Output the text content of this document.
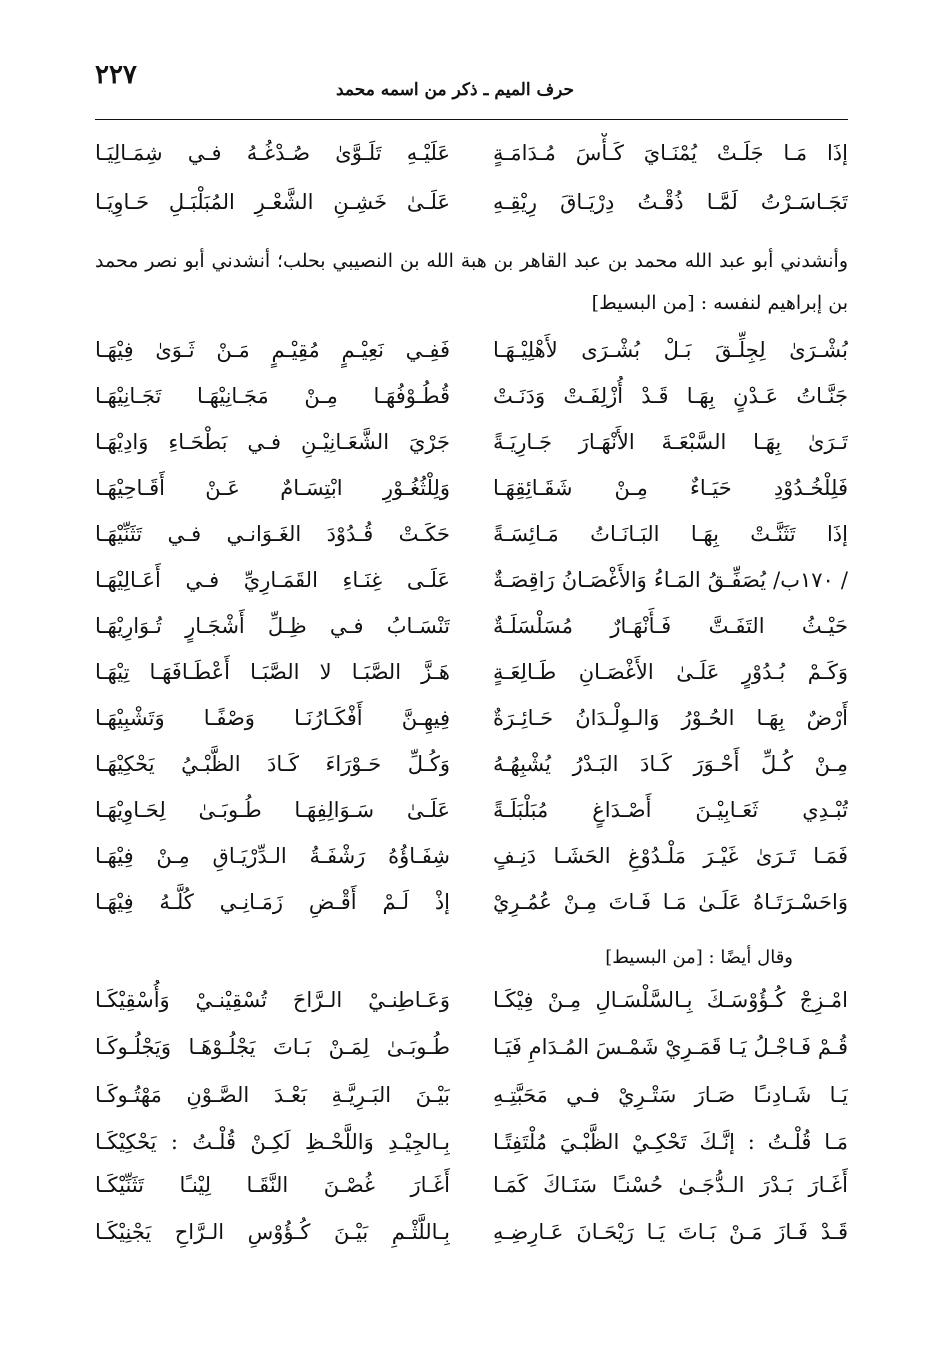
٢٢٧	حرف الميم ـ ذكر من اسمه محمد
إذَا مَـا جَلَـتْ يُمْنَـايَ كَـأْسَ مُـدَامَـةٍ
عَلَيْـهِ تَلَـوَّىٰ صُـدْغُـهُ فـي شِمَـالِيَـا
تَجَـاسَـرْتُ لَمَّـا ذُقْـتُ دِرْيَـاقَ رِيْقِـهِ
عَلَـىٰ خَشِـنِ الشَّعْـرِ المُبَلْبَـلِ حَـاوِيَـا
وأنشدني أبو عبد الله محمد بن عبد القاهر بن هبة الله بن النصيبي بحلب؛ أنشدني أبو نصر محمد بن إبراهيم لنفسه : [من البسيط]
بُشْـرَىٰ لِجِلِّـقَ بَـلْ بُشْـرَى لأَهْلِيْـهَـا
فَفِـي نَعِيْـمٍ مُقِيْـمٍ مَـنْ ثَـوَىٰ فِيْهَـا
جَنَّـاتُ عَـدْنٍ بِهَـا قَـدْ أُزْلِفَـتْ وَدَنَـتْ
قُطُـوْفُهَـا مِـنْ مَجَـانِيْهَـا تَجَـانِيْهَـا
تَـرَىٰ بِهَـا السَّبْعَـةَ الأَنْهَـارَ جَـارِيَـةً
جَرْيَ الشَّعَـانِيْـنِ فـي بَطْحَـاءِ وَادِيْهَـا
فَلِلْخُـدُوْدِ حَيَـاءٌ مِـنْ شَقَـائِقِهَـا
وَلِلْثُغُـوْرِ ابْتِسَـامٌ عَـنْ أَقَـاحِيْهَـا
إذَا تَثَنَّـتْ بِهَـا البَـانَـاتُ مَـائِسَـةً
حَكَـتْ قُـدُوْدَ الغَـوَانـي فـي تَثَنِّيْهَـا
/ ١٧٠ب/ يُصَفِّـقُ المَـاءُ وَالأَغْصَـانُ رَاقِصَـةٌ
عَلَـى غِنَـاءِ القَمَـارِيِّ فـي أَعَـالِيْهَـا
حَيْـثُ التَفَـتَّ فَـأَنْهَـارٌ مُسَلْسَلَـةٌ
تَنْسَـابُ فـي ظِـلِّ أَشْجَـارٍ تُـوَارِيْهَـا
وَكَـمْ بُـدُوْرٍ عَلَـىٰ الأَغْصَـانِ طَـالِعَـةٍ
هَـزَّ الصَّبَـا لا الصَّبَـا أَعْطَـافَهَـا تِيْهَـا
أَرْضٌ بِهَـا الحُـوْرُ وَالـوِلْـدَانُ حَـائِـرَةٌ
فِيهِـنَّ أَفْكَـارُنَـا وَصْفًـا وَتَشْبِيْهَـا
مِـنْ كُـلِّ أَحْـوَرَ كَـادَ البَـدْرُ يُشْبِهُـهُ
وَكُـلِّ حَـوْرَاءَ كَـادَ الظَّبْـيُ يَحْكِيْهَـا
تُبْـدِي ثَعَـابِيْـنَ أَصْـدَاغٍ مُبَلْبَلَـةً
عَلَـىٰ سَـوَالِفِهَـا طُـوبَـىٰ لِحَـاوِيْهَـا
فَمَـا تَـرَىٰ غَيْـرَ مَلْـدُوْغِ الحَشَـا دَنِـفٍ
شِفَـاؤُهُ رَشْفَـةُ الـدِّرْيَـاقِ مِـنْ فِيْهَـا
وَاحَسْـرَتَـاهُ عَلَـىٰ مَـا فَـاتَ مِـنْ عُمُـرِيْ
إذْ لَـمْ أَقْـضِ زَمَـانِـي كُلَّـهُ فِيْهَـا
وقال أيضًا : [من البسيط]
امْـزِجْ كُـؤُوْسَـكَ بِـالسَّلْسَـالِ مِـنْ فِيْكَـا
وَعَـاطِنـيْ الـرَّاحَ تُسْقِيْنـيْ وَأُسْقِيْكَـا
قُـمْ فَـاجْـلُ يَـا قَمَـرِيْ شَمْـسَ المُـدَامِ فَيَـا
طُـوبَـىٰ لِمَـنْ بَـاتَ يَجْلُـوْهَـا وَيَجْلُـوكَـا
يَـا شَـادِنـًا صَـارَ سَتْـرِيْ فـي مَحَبَّتِـهِ
بَيْـنَ البَـرِيَّـةِ بَعْـدَ الصَّـوْنِ مَهْتُـوكَـا
مَـا قُلْـتُ : إنَّـكَ تَحْكِـيْ الظَّبْـيَ مُلْتَفِتًـا
بِـالجِيْـدِ وَاللَّحْـظِ لَكِـنْ قُلْـتُ : يَحْكِيْكَـا
أَغَـارَ بَـدْرَ الـدُّجَـىٰ حُسْنـًا سَنَـاكَ كَمَـا
أَغَـارَ غُصْـنَ النَّقَـا لِيْنـًا تَثَنِّيْكَـا
قَـدْ فَـازَ مَـنْ بَـاتَ يَـا رَيْحَـانَ عَـارِضِـهِ
بِـاللَّثْـمِ بَيْـنَ كُـؤُوْسِ الـرَّاحِ يَجْنِيْكَـا
